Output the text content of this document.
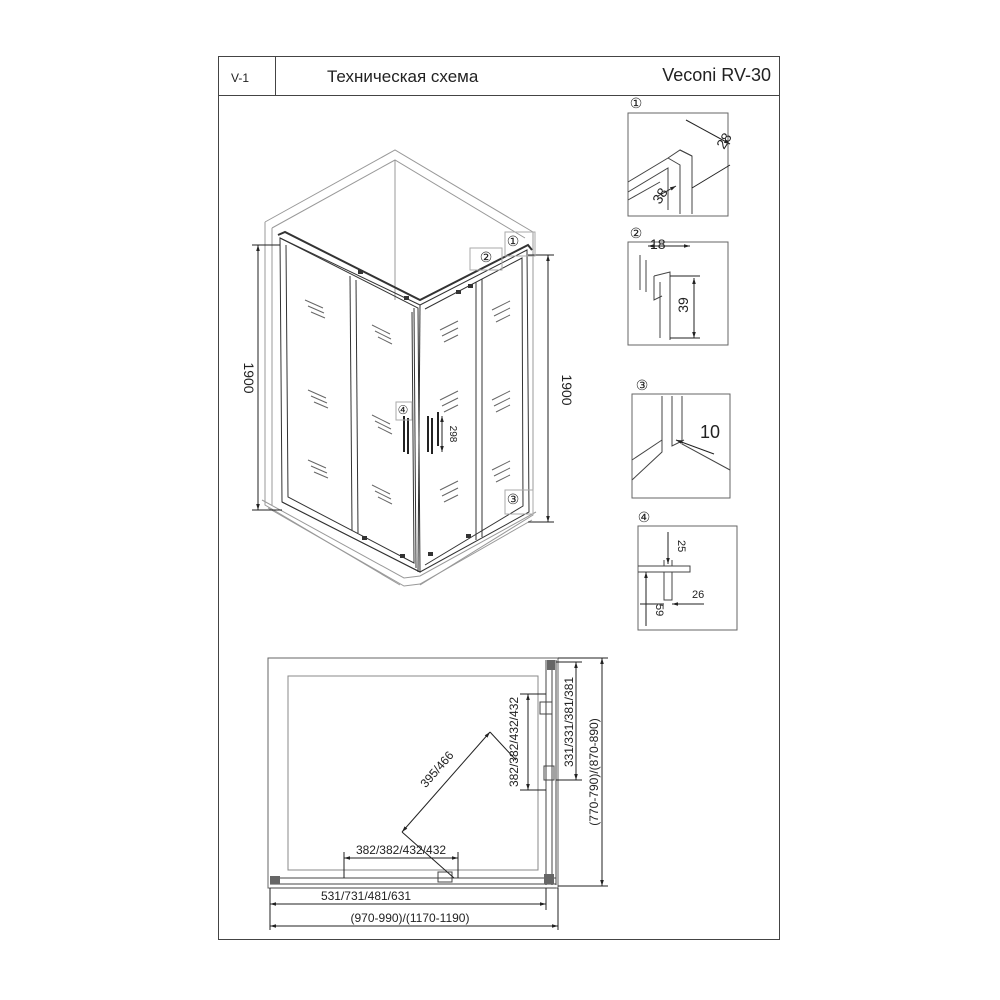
V-1	Техническая схема	Veconi RV-30
1900	1900
298
②
①
④
③
①
28
38
②
18
39
③
10
④
25
26
59
382/382/432/432	331/331/381/381 (770-790)/(870-890)
395/466
382/382/432/432
531/731/481/631
(970-990)/(1170-1190)
